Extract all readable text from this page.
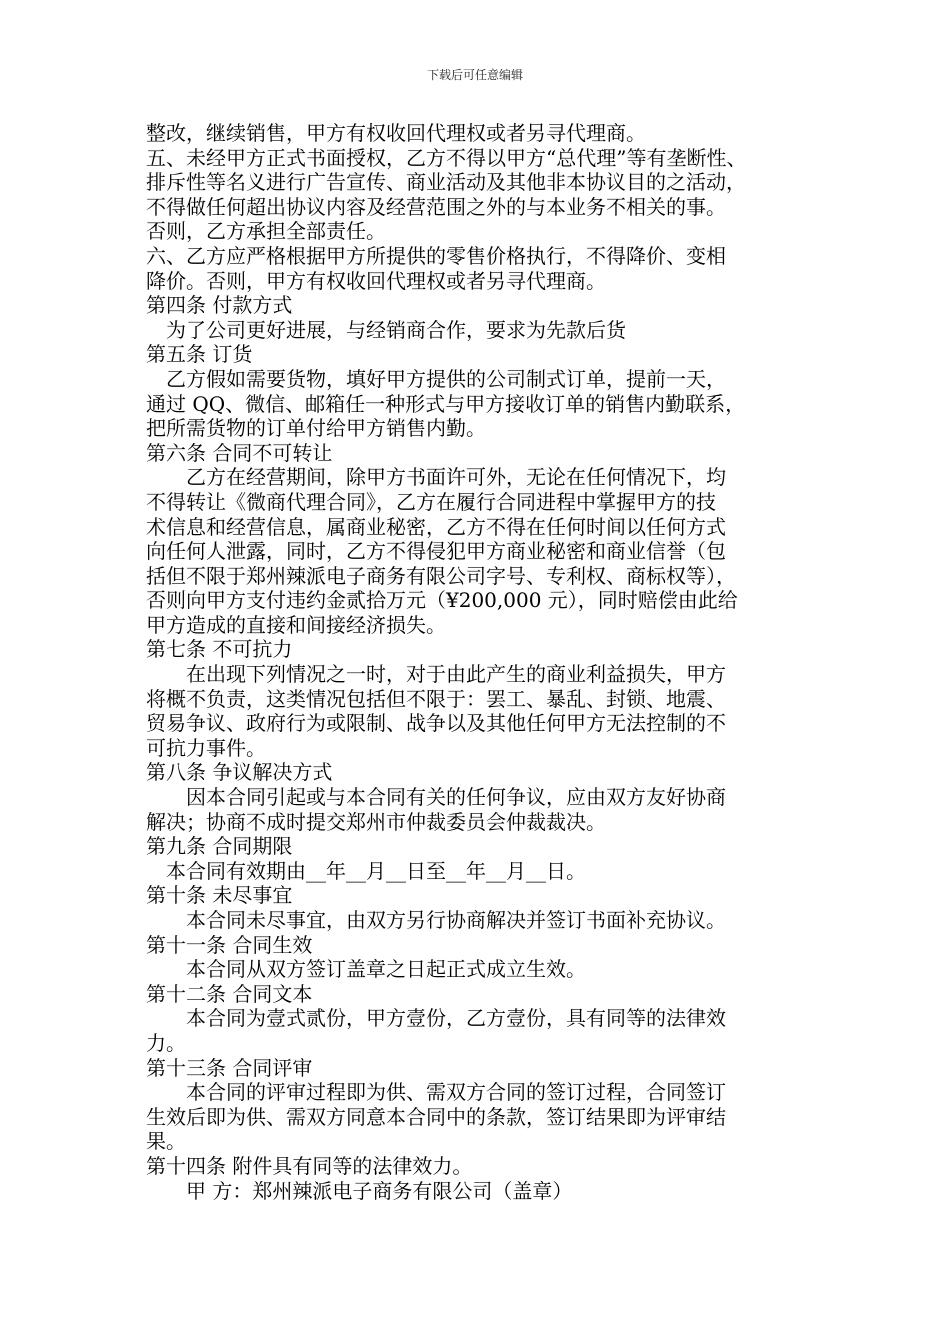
下载后可任意编辑
整改，继续销售，甲方有权收回代理权或者另寻代理商。
五、未经甲方正式书面授权，乙方不得以甲方“总代理”等有垄断性、
排斥性等名义进行广告宣传、商业活动及其他非本协议目的之活动，
不得做任何超出协议内容及经营范围之外的与本业务不相关的事。
否则，乙方承担全部责任。
六、乙方应严格根据甲方所提供的零售价格执行，不得降价、变相
降价。否则，甲方有权收回代理权或者另寻代理商。
第四条 付款方式
为了公司更好进展，与经销商合作，要求为先款后货
第五条 订货
乙方假如需要货物，填好甲方提供的公司制式订单，提前一天，
通过 QQ、微信、邮箱任一种形式与甲方接收订单的销售内勤联系，
把所需货物的订单付给甲方销售内勤。
第六条 合同不可转让
乙方在经营期间，除甲方书面许可外，无论在任何情况下，均
不得转让《微商代理合同》，乙方在履行合同进程中掌握甲方的技
术信息和经营信息，属商业秘密，乙方不得在任何时间以任何方式
向任何人泄露，同时，乙方不得侵犯甲方商业秘密和商业信誉（包
括但不限于郑州辣派电子商务有限公司字号、专利权、商标权等），
否则向甲方支付违约金贰拾万元（¥200,000 元），同时赔偿由此给
甲方造成的直接和间接经济损失。
第七条 不可抗力
在出现下列情况之一时，对于由此产生的商业利益损失，甲方
将概不负责，这类情况包括但不限于：罢工、暴乱、封锁、地震、
贸易争议、政府行为或限制、战争以及其他任何甲方无法控制的不
可抗力事件。
第八条 争议解决方式
因本合同引起或与本合同有关的任何争议，应由双方友好协商
解决；协商不成时提交郑州市仲裁委员会仲裁裁决。
第九条 合同期限
本合同有效期由__年__月__日至__年__月__日。
第十条 未尽事宜
本合同未尽事宜，由双方另行协商解决并签订书面补充协议。
第十一条 合同生效
本合同从双方签订盖章之日起正式成立生效。
第十二条 合同文本
本合同为壹式贰份，甲方壹份，乙方壹份，具有同等的法律效
力。
第十三条 合同评审
本合同的评审过程即为供、需双方合同的签订过程，合同签订
生效后即为供、需双方同意本合同中的条款，签订结果即为评审结
果。
第十四条 附件具有同等的法律效力。
甲 方：郑州辣派电子商务有限公司（盖章）
